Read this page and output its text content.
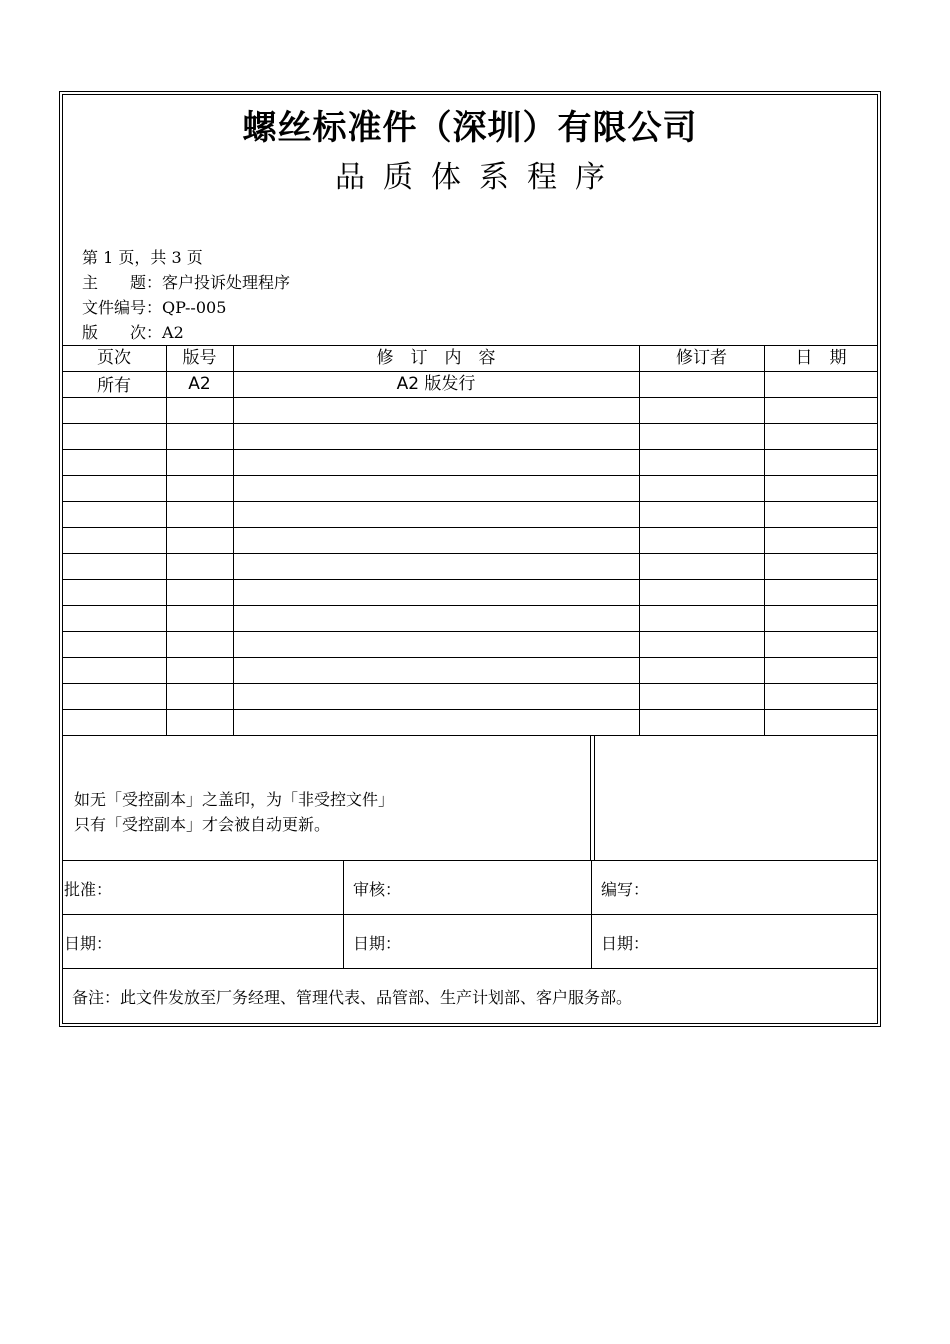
螺丝标准件（深圳）有限公司
品质体系程序
第 1 页，共 3 页
主　　题：客户投诉处理程序
文件编号：QP--005
版　　次：A2
页次	版号	修　订　内　容	修订者	日　期
所有	A2	A2 版发行
如无「受控副本」之盖印，为「非受控文件」
只有「受控副本」才会被自动更新。
批准：	审核：	编写：
日期：	日期：	日期：
备注：此文件发放至厂务经理、管理代表、品管部、生产计划部、客户服务部。
